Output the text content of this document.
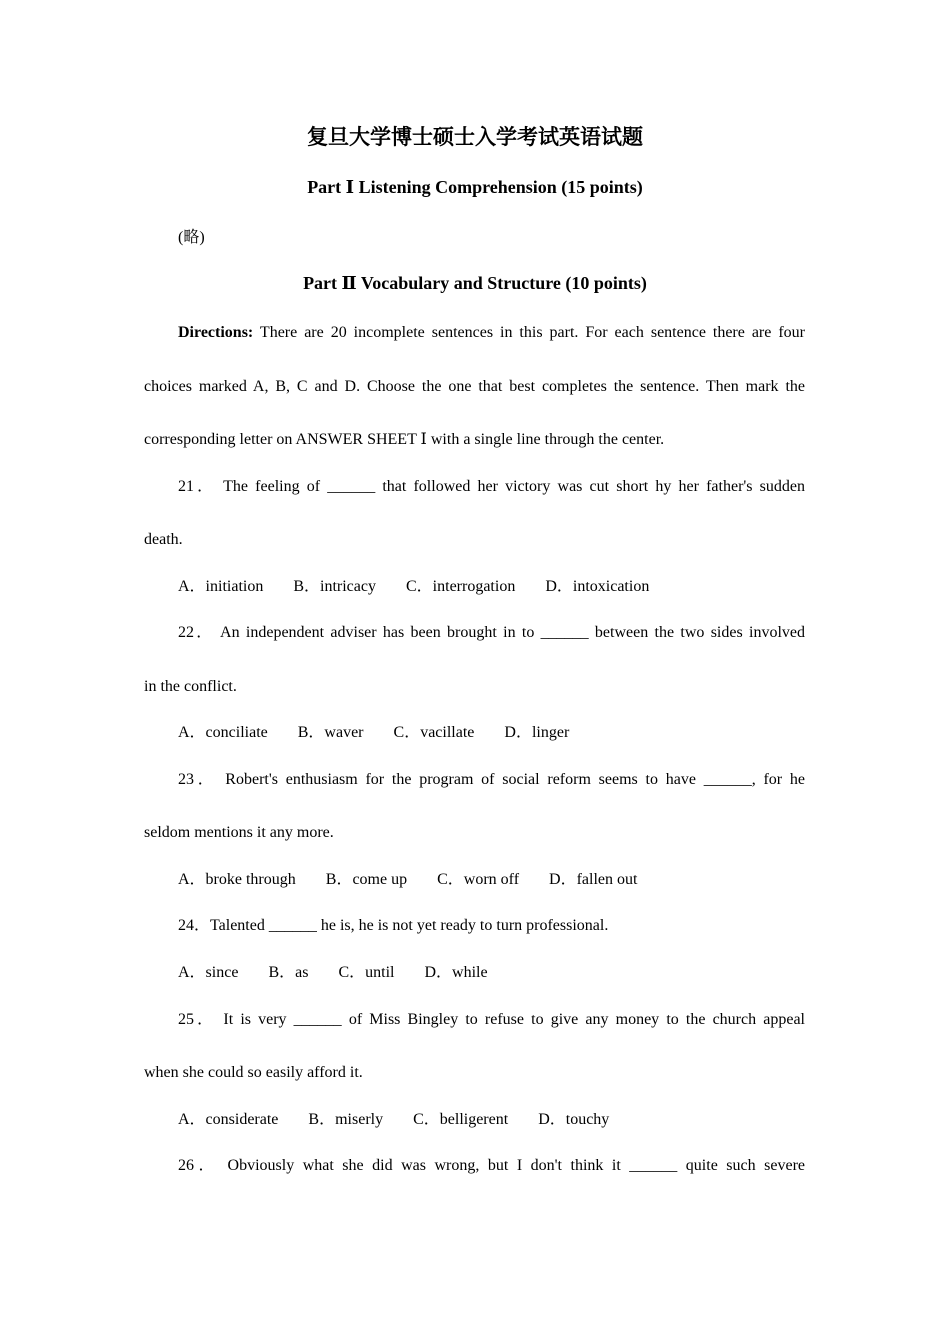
复旦大学博士硕士入学考试英语试题
Part Ⅰ Listening Comprehension (15 points)
(略)
Part Ⅱ Vocabulary and Structure (10 points)
Directions: There are 20 incomplete sentences in this part. For each sentence there are four
choices marked A, B, C and D. Choose the one that best completes the sentence. Then mark the
corresponding letter on ANSWER SHEET Ⅰ with a single line through the center.
21． The feeling of ______ that followed her victory was cut short hy her father's sudden
death.
A．initiation B．intricacy C．interrogation D．intoxication
22． An independent adviser has been brought in to ______ between the two sides involved
in the conflict.
A．conciliate B．waver C．vacillate D．linger
23． Robert's enthusiasm for the program of social reform seems to have ______, for he
seldom mentions it any more.
A．broke through B．come up C．worn off D．fallen out
24．Talented ______ he is, he is not yet ready to turn professional.
A．since B．as C．until D．while
25． It is very ______ of Miss Bingley to refuse to give any money to the church appeal
when she could so easily afford it.
A．considerate B．miserly C．belligerent D．touchy
26． Obviously what she did was wrong, but I don't think it ______ quite such severe
